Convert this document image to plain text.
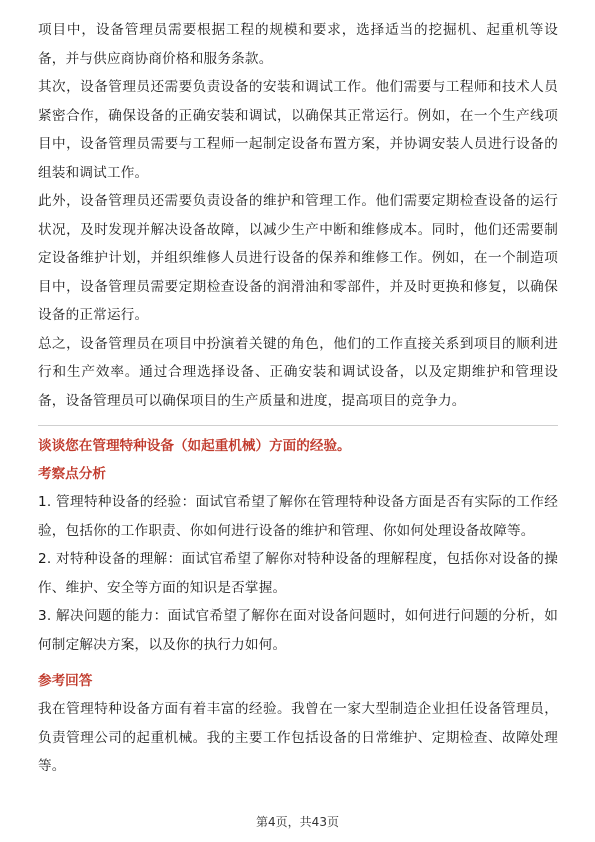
项目中，设备管理员需要根据工程的规模和要求，选择适当的挖掘机、起重机等设备，并与供应商协商价格和服务条款。

其次，设备管理员还需要负责设备的安装和调试工作。他们需要与工程师和技术人员紧密合作，确保设备的正确安装和调试，以确保其正常运行。例如，在一个生产线项目中，设备管理员需要与工程师一起制定设备布置方案，并协调安装人员进行设备的组装和调试工作。

此外，设备管理员还需要负责设备的维护和管理工作。他们需要定期检查设备的运行状况，及时发现并解决设备故障，以减少生产中断和维修成本。同时，他们还需要制定设备维护计划，并组织维修人员进行设备的保养和维修工作。例如，在一个制造项目中，设备管理员需要定期检查设备的润滑油和零部件，并及时更换和修复，以确保设备的正常运行。

总之，设备管理员在项目中扮演着关键的角色，他们的工作直接关系到项目的顺利进行和生产效率。通过合理选择设备、正确安装和调试设备，以及定期维护和管理设备，设备管理员可以确保项目的生产质量和进度，提高项目的竞争力。

谈谈您在管理特种设备（如起重机械）方面的经验。

考察点分析

1. 管理特种设备的经验：面试官希望了解你在管理特种设备方面是否有实际的工作经验，包括你的工作职责、你如何进行设备的维护和管理、你如何处理设备故障等。

2. 对特种设备的理解：面试官希望了解你对特种设备的理解程度，包括你对设备的操作、维护、安全等方面的知识是否掌握。

3. 解决问题的能力：面试官希望了解你在面对设备问题时，如何进行问题的分析，如何制定解决方案，以及你的执行力如何。

参考回答

我在管理特种设备方面有着丰富的经验。我曾在一家大型制造企业担任设备管理员，负责管理公司的起重机械。我的主要工作包括设备的日常维护、定期检查、故障处理等。

第4页，共43页
